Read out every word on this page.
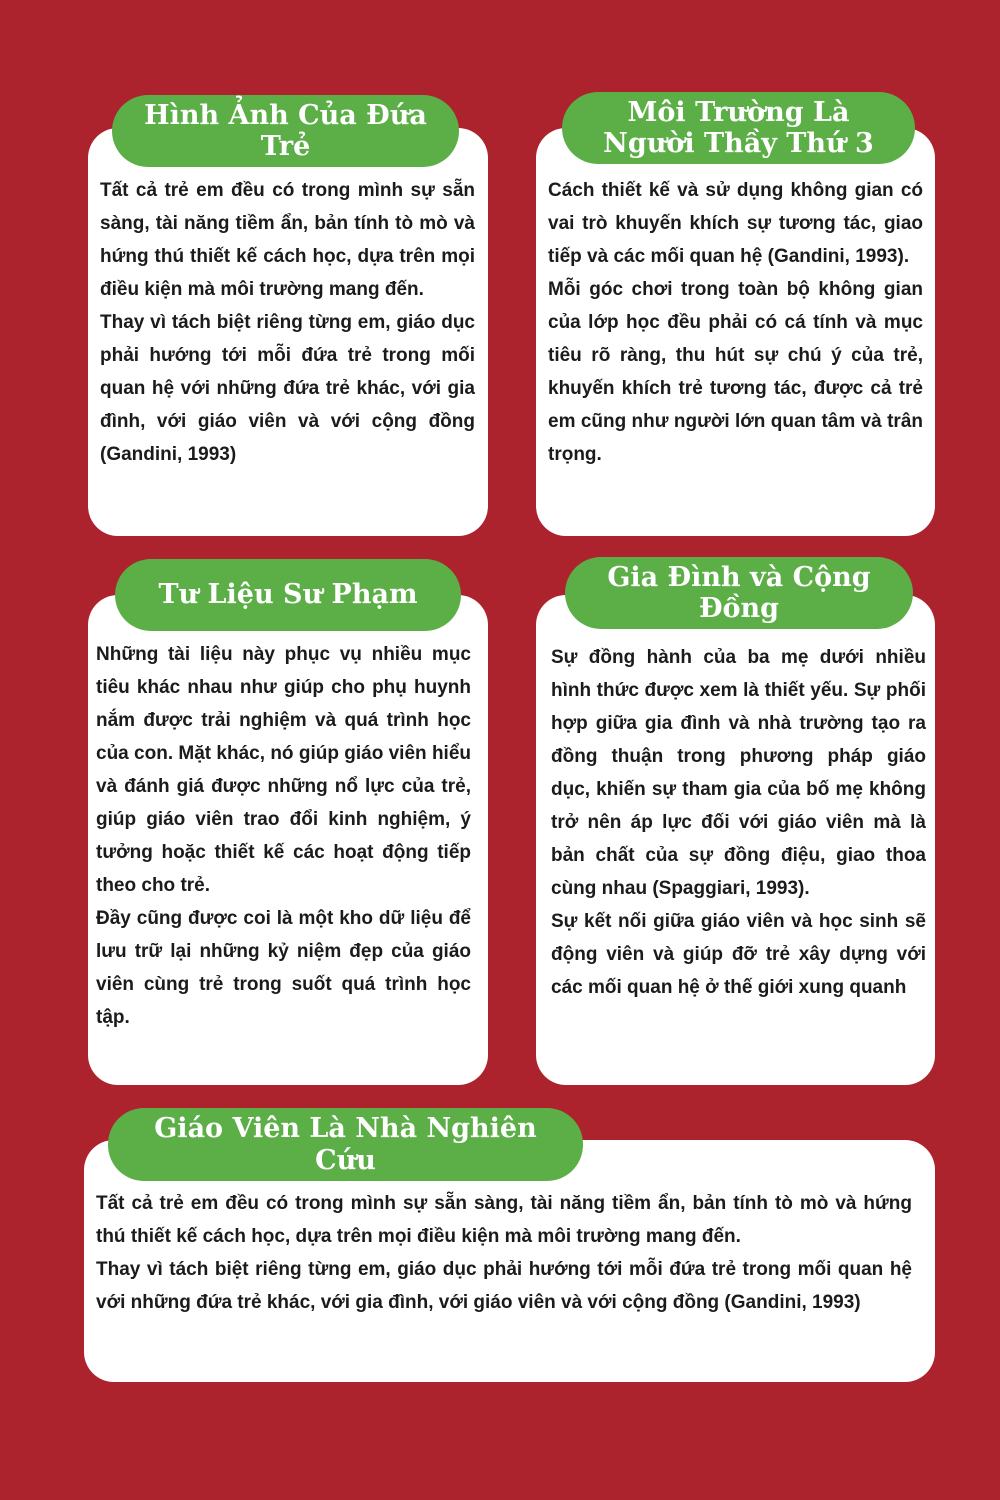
Hình Ảnh Của Đứa Trẻ

Tất cả trẻ em đều có trong mình sự sẵn sàng, tài năng tiềm ẩn, bản tính tò mò và hứng thú thiết kế cách học, dựa trên mọi điều kiện mà môi trường mang đến.

Thay vì tách biệt riêng từng em, giáo dục phải hướng tới mỗi đứa trẻ trong mối quan hệ với những đứa trẻ khác, với gia đình, với giáo viên và với cộng đồng (Gandini, 1993)

Môi Trường Là Người Thầy Thứ 3

Cách thiết kế và sử dụng không gian có vai trò khuyến khích sự tương tác, giao tiếp và các mối quan hệ (Gandini, 1993).

Mỗi góc chơi trong toàn bộ không gian của lớp học đều phải có cá tính và mục tiêu rõ ràng, thu hút sự chú ý của trẻ, khuyến khích trẻ tương tác, được cả trẻ em cũng như người lớn quan tâm và trân trọng.

Tư Liệu Sư Phạm

Những tài liệu này phục vụ nhiều mục tiêu khác nhau như giúp cho phụ huynh nắm được trải nghiệm và quá trình học của con. Mặt khác, nó giúp giáo viên hiểu và đánh giá được những nổ lực của trẻ, giúp giáo viên trao đổi kinh nghiệm, ý tưởng hoặc thiết kế các hoạt động tiếp theo cho trẻ.

Đầy cũng được coi là một kho dữ liệu để lưu trữ lại những kỷ niệm đẹp của giáo viên cùng trẻ trong suốt quá trình học tập.

Gia Đình và Cộng Đồng

Sự đồng hành của ba mẹ dưới nhiều hình thức được xem là thiết yếu. Sự phối hợp giữa gia đình và nhà trường tạo ra đồng thuận trong phương pháp giáo dục, khiến sự tham gia của bố mẹ không trở nên áp lực đối với giáo viên mà là bản chất của sự đồng điệu, giao thoa cùng nhau (Spaggiari, 1993).

Sự kết nối giữa giáo viên và học sinh sẽ động viên và giúp đỡ trẻ xây dựng với các mối quan hệ ở thế giới xung quanh

Giáo Viên Là Nhà Nghiên Cứu

Tất cả trẻ em đều có trong mình sự sẵn sàng, tài năng tiềm ẩn, bản tính tò mò và hứng thú thiết kế cách học, dựa trên mọi điều kiện mà môi trường mang đến.

Thay vì tách biệt riêng từng em, giáo dục phải hướng tới mỗi đứa trẻ trong mối quan hệ với những đứa trẻ khác, với gia đình, với giáo viên và với cộng đồng (Gandini, 1993)
